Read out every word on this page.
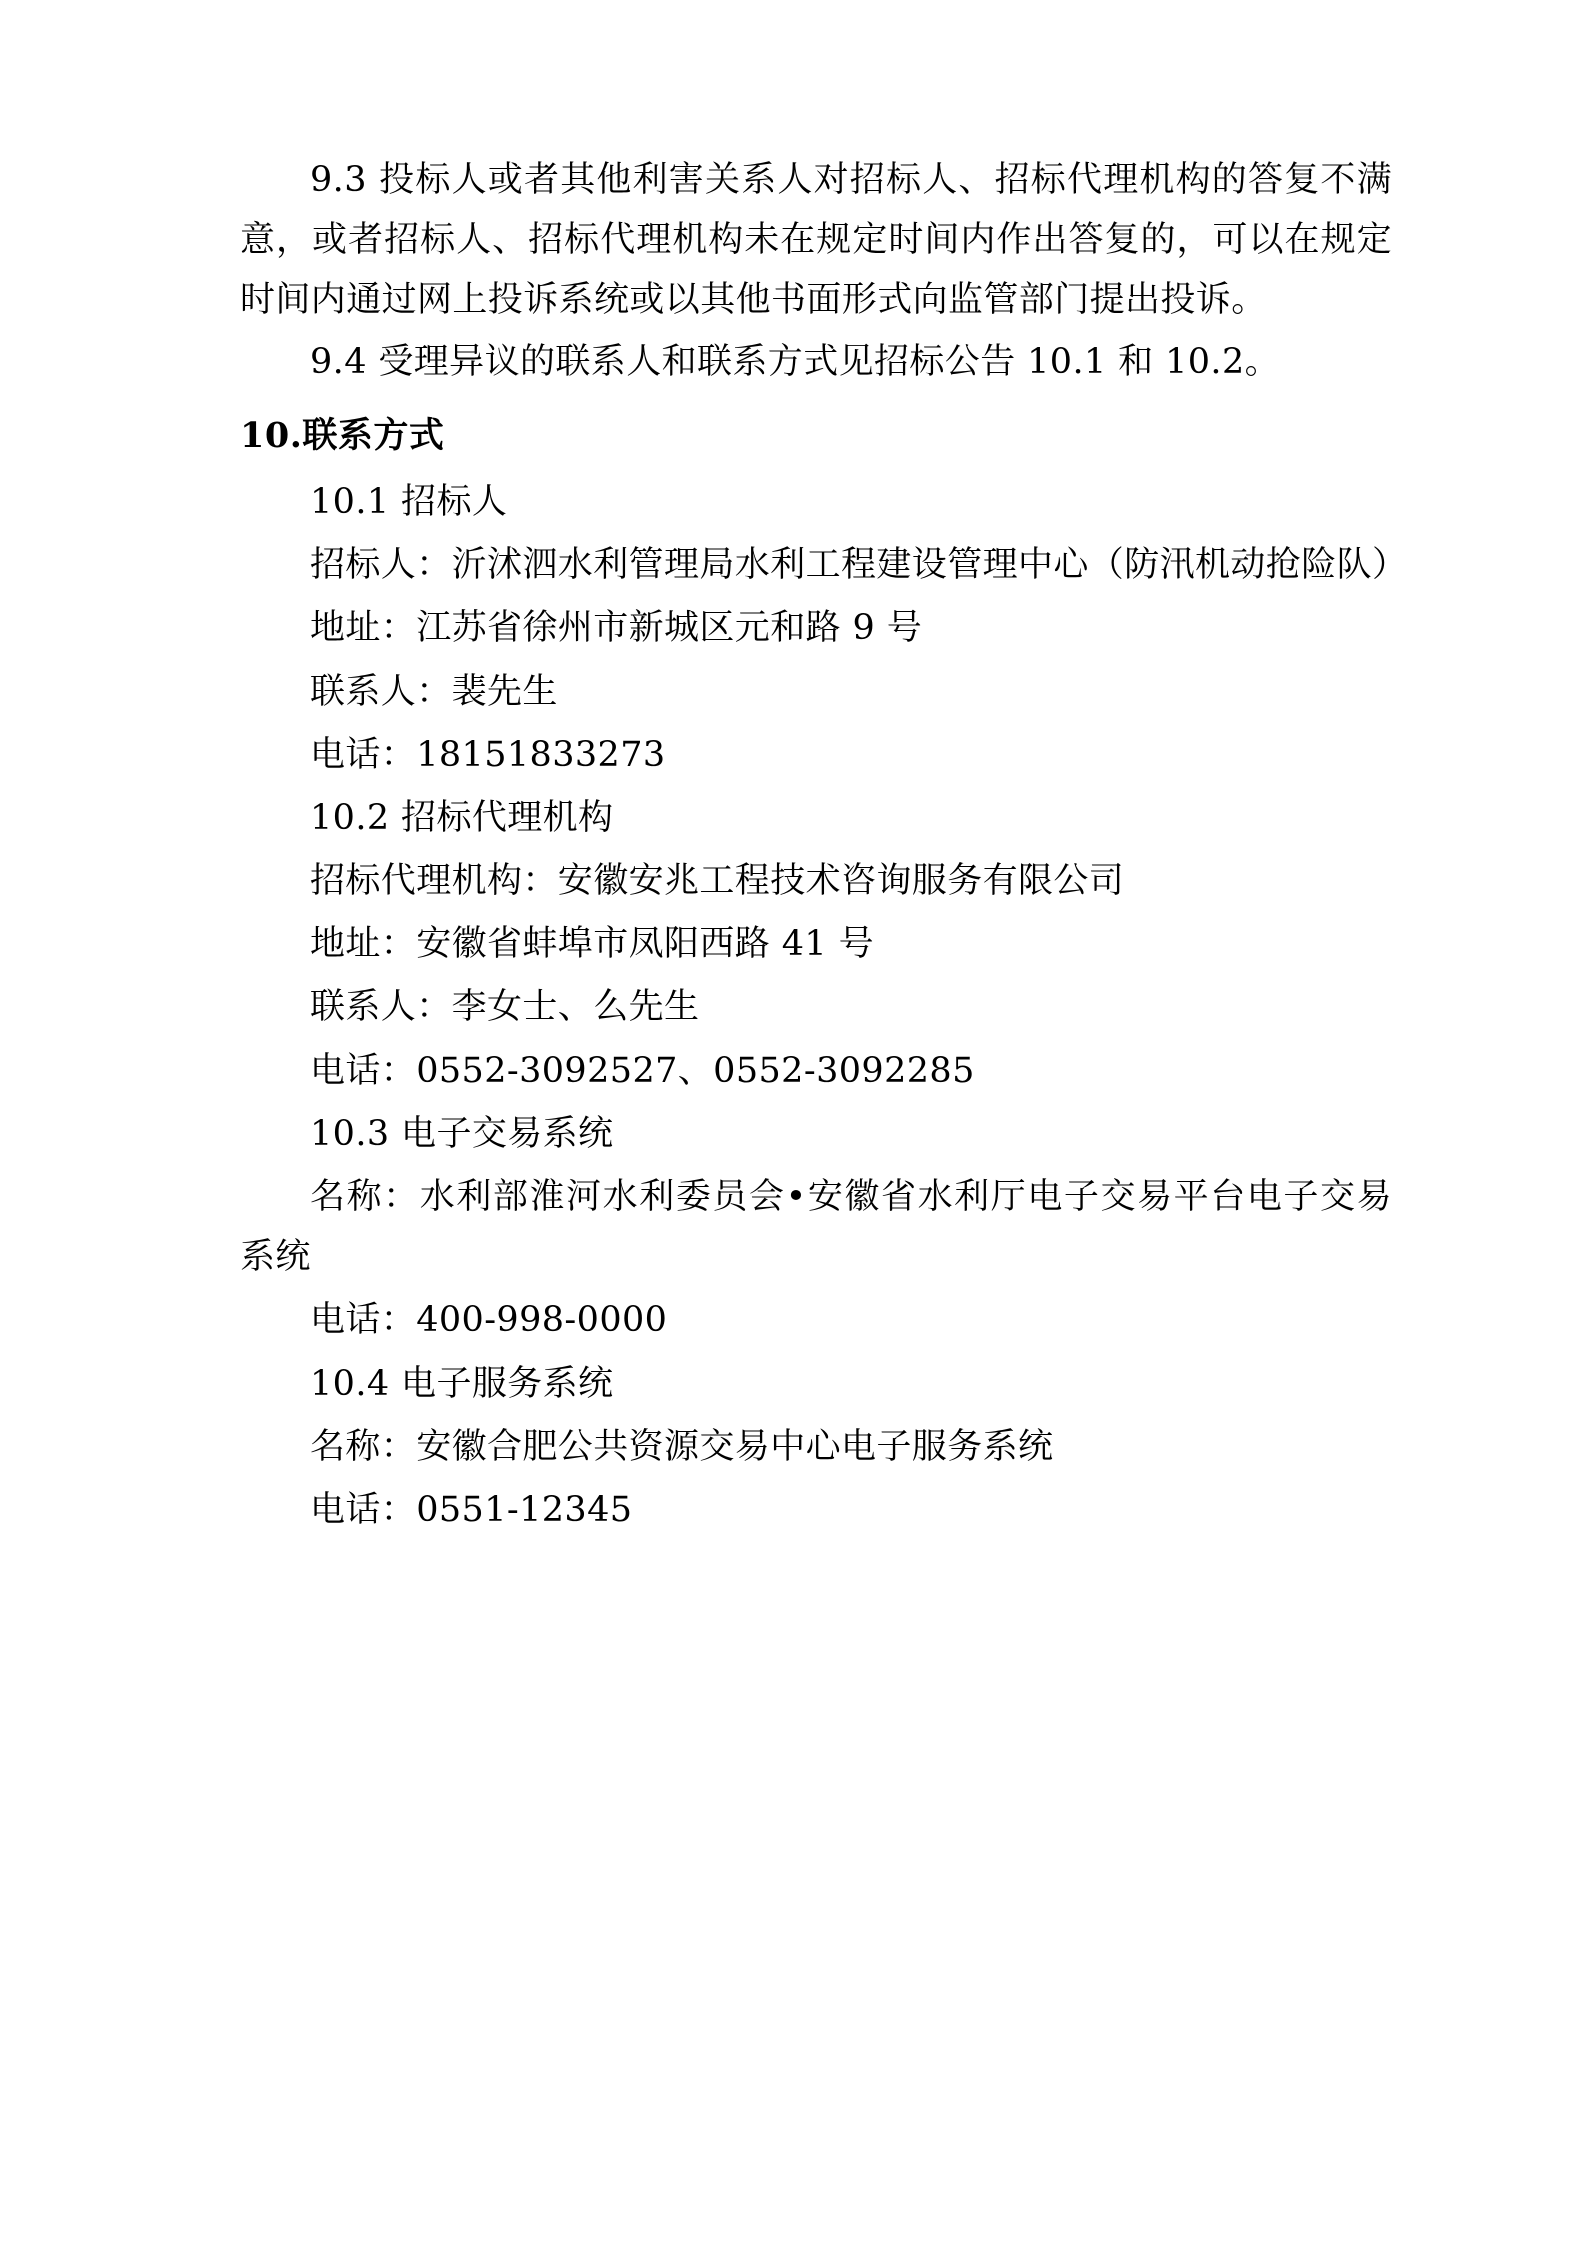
9.3 投标人或者其他利害关系人对招标人、招标代理机构的答复不满意，或者招标人、招标代理机构未在规定时间内作出答复的，可以在规定时间内通过网上投诉系统或以其他书面形式向监管部门提出投诉。

9.4 受理异议的联系人和联系方式见招标公告 10.1 和 10.2。

10.联系方式

10.1 招标人

招标人：沂沭泗水利管理局水利工程建设管理中心（防汛机动抢险队）

地址：江苏省徐州市新城区元和路 9 号

联系人：裴先生

电话：18151833273

10.2 招标代理机构

招标代理机构：安徽安兆工程技术咨询服务有限公司

地址：安徽省蚌埠市凤阳西路 41 号

联系人：李女士、么先生

电话：0552-3092527、0552-3092285

10.3 电子交易系统

名称：水利部淮河水利委员会•安徽省水利厅电子交易平台电子交易系统

电话：400-998-0000

10.4 电子服务系统

名称：安徽合肥公共资源交易中心电子服务系统

电话：0551-12345
